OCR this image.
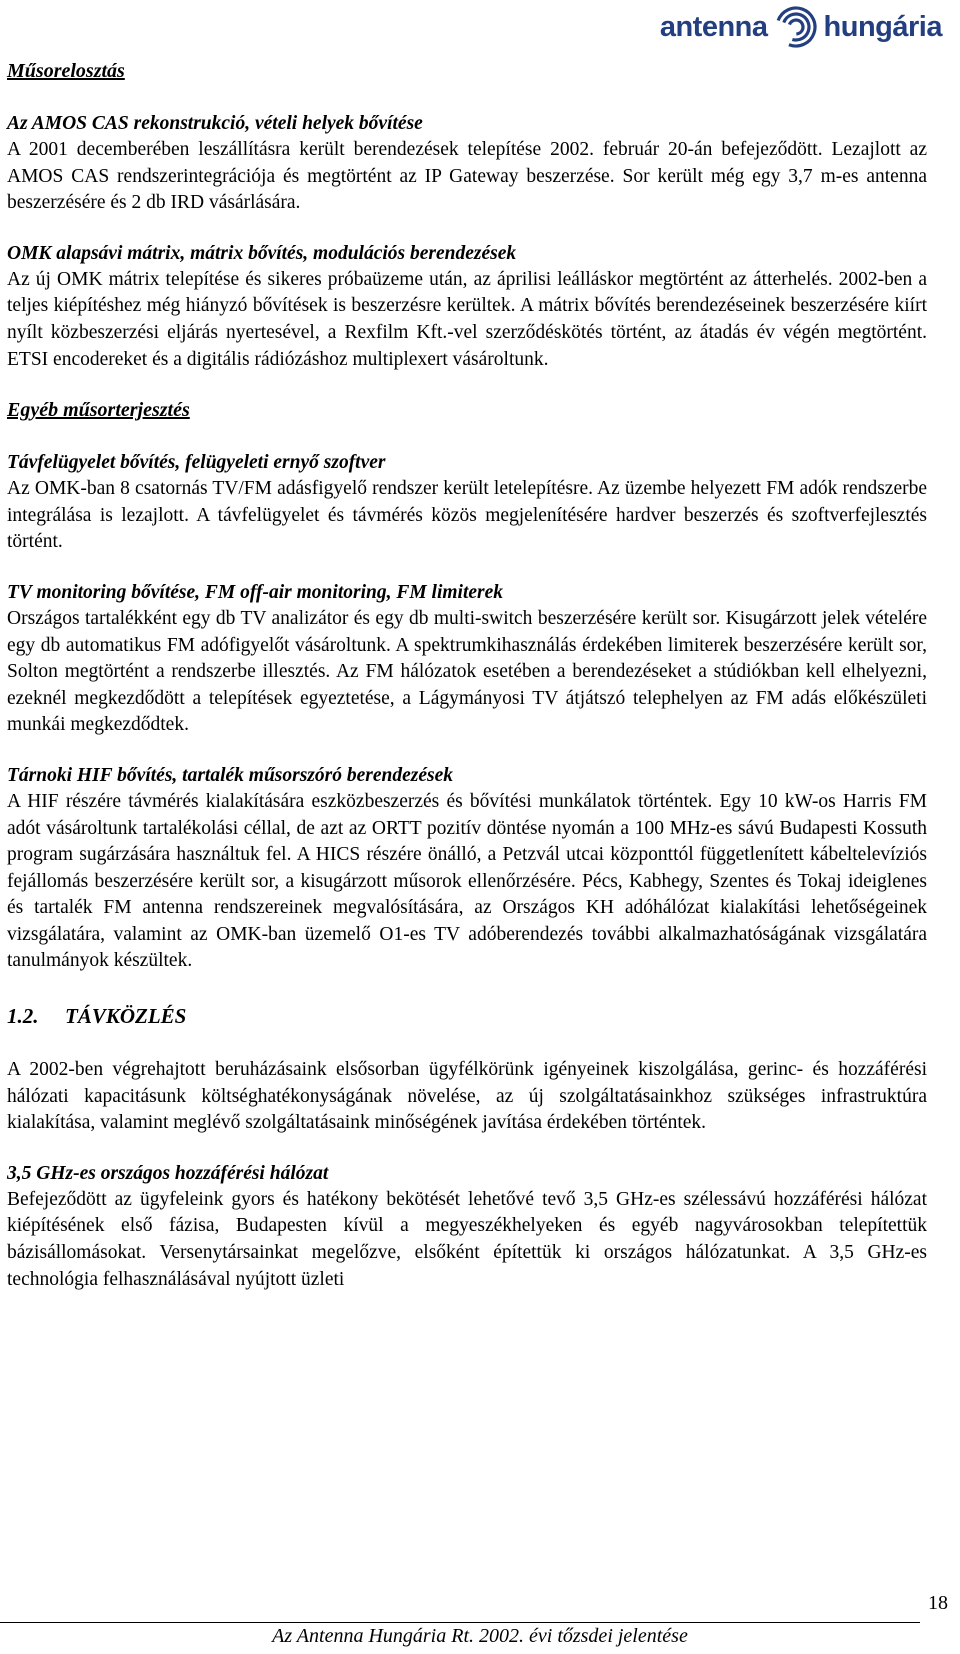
antenna hungária

Műsorelosztás

Az AMOS CAS rekonstrukció, vételi helyek bővítése

A 2001 decemberében leszállításra került berendezések telepítése 2002. február 20-án befejeződött. Lezajlott az AMOS CAS rendszerintegrációja és megtörtént az IP Gateway beszerzése. Sor került még egy 3,7 m-es antenna beszerzésére és 2 db IRD vásárlására.

OMK alapsávi mátrix, mátrix bővítés, modulációs berendezések

Az új OMK mátrix telepítése és sikeres próbaüzeme után, az áprilisi leálláskor megtörtént az átterhelés. 2002-ben a teljes kiépítéshez még hiányzó bővítések is beszerzésre kerültek. A mátrix bővítés berendezéseinek beszerzésére kiírt nyílt közbeszerzési eljárás nyertesével, a Rexfilm Kft.-vel szerződéskötés történt, az átadás év végén megtörtént. ETSI encodereket és a digitális rádiózáshoz multiplexert vásároltunk.

Egyéb műsorterjesztés

Távfelügyelet bővítés, felügyeleti ernyő szoftver

Az OMK-ban 8 csatornás TV/FM adásfigyelő rendszer került letelepítésre. Az üzembe helyezett FM adók rendszerbe integrálása is lezajlott. A távfelügyelet és távmérés közös megjelenítésére hardver beszerzés és szoftverfejlesztés történt.

TV monitoring bővítése, FM off-air monitoring, FM limiterek

Országos tartalékként egy db TV analizátor és egy db multi-switch beszerzésére került sor. Kisugárzott jelek vételére egy db automatikus FM adófigyelőt vásároltunk. A spektrumkihasználás érdekében limiterek beszerzésére került sor, Solton megtörtént a rendszerbe illesztés. Az FM hálózatok esetében a berendezéseket a stúdiókban kell elhelyezni, ezeknél megkezdődött a telepítések egyeztetése, a Lágymányosi TV átjátszó telephelyen az FM adás előkészületi munkái megkezdődtek.

Tárnoki HIF bővítés, tartalék műsorszóró berendezések

A HIF részére távmérés kialakítására eszközbeszerzés és bővítési munkálatok történtek. Egy 10 kW-os Harris FM adót vásároltunk tartalékolási céllal, de azt az ORTT pozitív döntése nyomán a 100 MHz-es sávú Budapesti Kossuth program sugárzására használtuk fel. A HICS részére önálló, a Petzvál utcai központtól függetlenített kábeltelevíziós fejállomás beszerzésére került sor, a kisugárzott műsorok ellenőrzésére. Pécs, Kabhegy, Szentes és Tokaj ideiglenes és tartalék FM antenna rendszereinek megvalósítására, az Országos KH adóhálózat kialakítási lehetőségeinek vizsgálatára, valamint az OMK-ban üzemelő O1-es TV adóberendezés további alkalmazhatóságának vizsgálatára tanulmányok készültek.

1.2. TÁVKÖZLÉS

A 2002-ben végrehajtott beruházásaink elsősorban ügyfélkörünk igényeinek kiszolgálása, gerinc- és hozzáférési hálózati kapacitásunk költséghatékonyságának növelése, az új szolgáltatásainkhoz szükséges infrastruktúra kialakítása, valamint meglévő szolgáltatásaink minőségének javítása érdekében történtek.

3,5 GHz-es országos hozzáférési hálózat

Befejeződött az ügyfeleink gyors és hatékony bekötését lehetővé tevő 3,5 GHz-es szélessávú hozzáférési hálózat kiépítésének első fázisa, Budapesten kívül a megyeszékhelyeken és egyéb nagyvárosokban telepítettük bázisállomásokat. Versenytársainkat megelőzve, elsőként építettük ki országos hálózatunkat. A 3,5 GHz-es technológia felhasználásával nyújtott üzleti

18
Az Antenna Hungária Rt. 2002. évi tőzsdei jelentése
